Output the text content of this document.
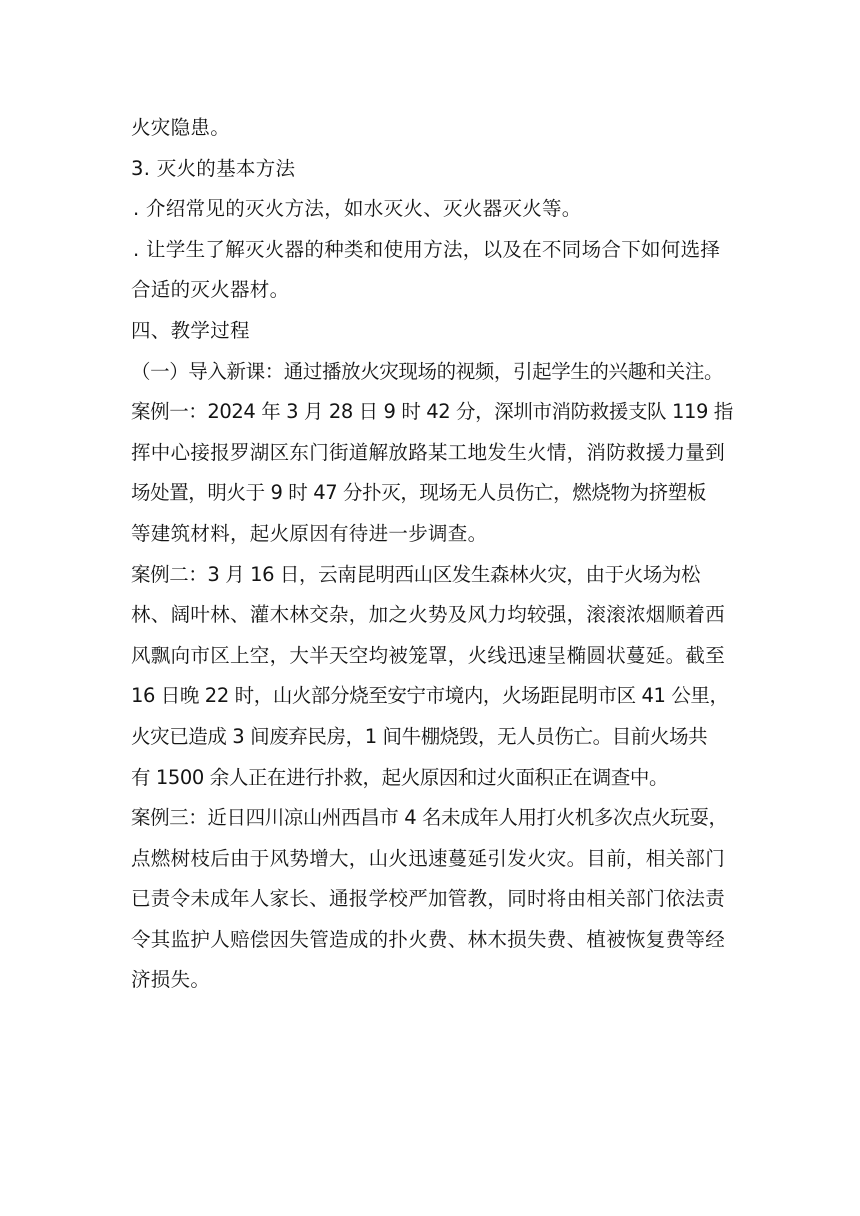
火灾隐患。
3. 灭火的基本方法
. 介绍常见的灭火方法，如水灭火、灭火器灭火等。
. 让学生了解灭火器的种类和使用方法，以及在不同场合下如何选择
合适的灭火器材。
四、教学过程
（一）导入新课：通过播放火灾现场的视频，引起学生的兴趣和关注。
案例一：2024 年 3 月 28 日 9 时 42 分，深圳市消防救援支队 119 指
挥中心接报罗湖区东门街道解放路某工地发生火情，消防救援力量到
场处置，明火于 9 时 47 分扑灭，现场无人员伤亡，燃烧物为挤塑板
等建筑材料，起火原因有待进一步调查。
案例二：3 月 16 日，云南昆明西山区发生森林火灾，由于火场为松
林、阔叶林、灌木林交杂，加之火势及风力均较强，滚滚浓烟顺着西
风飘向市区上空，大半天空均被笼罩，火线迅速呈椭圆状蔓延。截至
16 日晚 22 时，山火部分烧至安宁市境内，火场距昆明市区 41 公里，
火灾已造成 3 间废弃民房，1 间牛棚烧毁，无人员伤亡。目前火场共
有 1500 余人正在进行扑救，起火原因和过火面积正在调查中。
案例三：近日四川凉山州西昌市 4 名未成年人用打火机多次点火玩耍，
点燃树枝后由于风势增大，山火迅速蔓延引发火灾。目前，相关部门
已责令未成年人家长、通报学校严加管教，同时将由相关部门依法责
令其监护人赔偿因失管造成的扑火费、林木损失费、植被恢复费等经
济损失。
